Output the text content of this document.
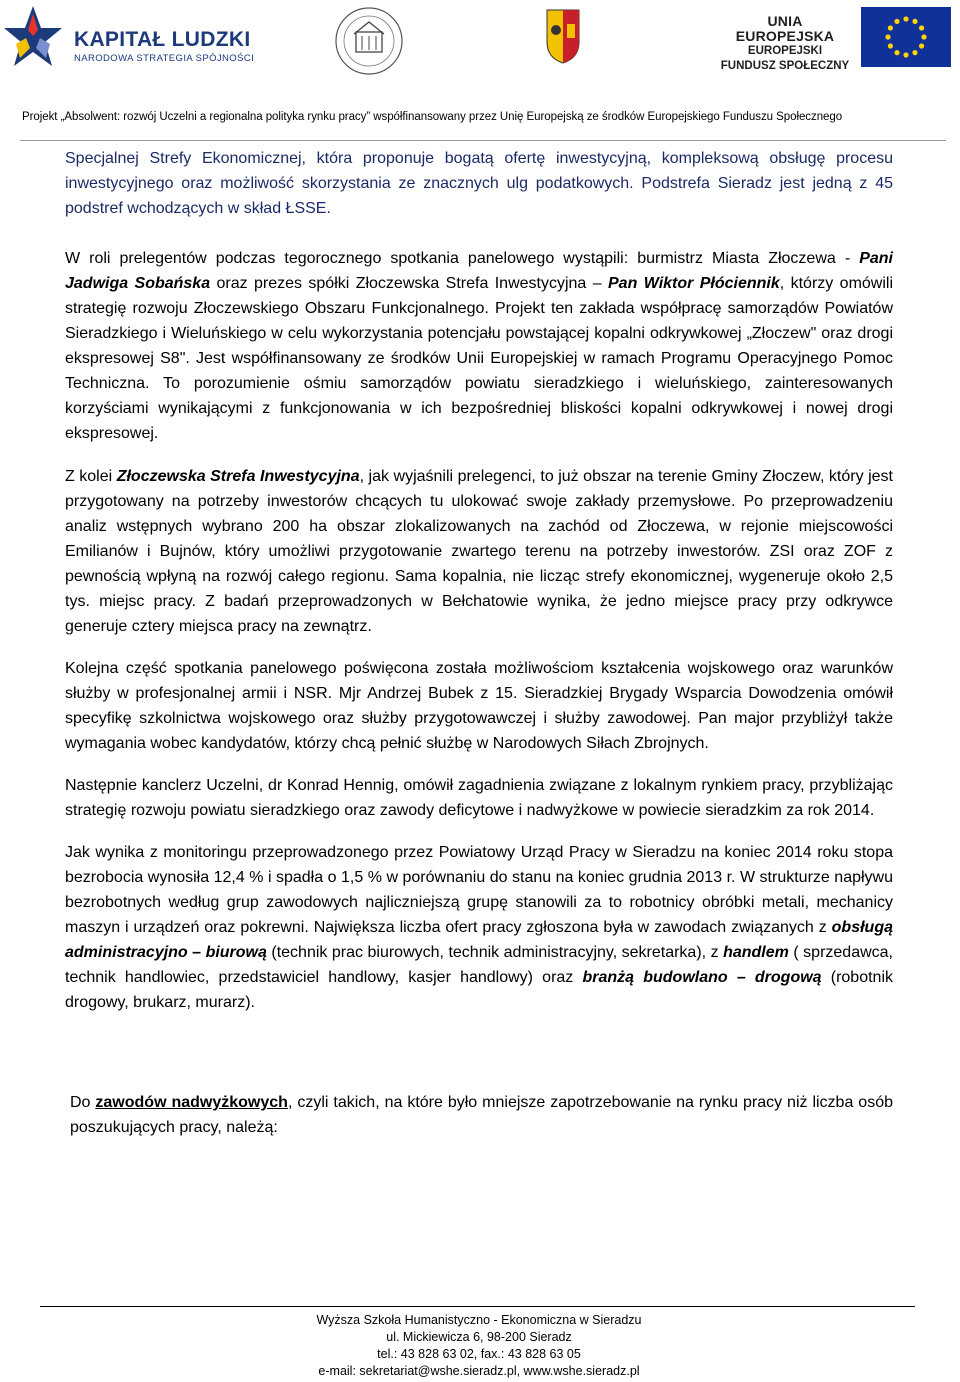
KAPITAŁ LUDZKI
NARODOWA STRATEGIA SPÓJNOŚCI
UNIA EUROPEJSKA
EUROPEJSKI
FUNDUSZ SPOŁECZNY
Projekt „Absolwent: rozwój Uczelni a regionalna polityka rynku pracy” współfinansowany przez Unię Europejską ze środków Europejskiego Funduszu Społecznego

Specjalnej Strefy Ekonomicznej, która proponuje bogatą ofertę inwestycyjną, kompleksową obsługę procesu inwestycyjnego oraz możliwość skorzystania ze znacznych ulg podatkowych. Podstrefa Sieradz jest jedną z 45 podstref wchodzących w skład ŁSSE.

W roli prelegentów podczas tegorocznego spotkania panelowego wystąpili: burmistrz Miasta Złoczewa - Pani Jadwiga Sobańska oraz prezes spółki Złoczewska Strefa Inwestycyjna – Pan Wiktor Płóciennik, którzy omówili strategię rozwoju Złoczewskiego Obszaru Funkcjonalnego. Projekt ten zakłada współpracę samorządów Powiatów Sieradzkiego i Wieluńskiego w celu wykorzystania potencjału powstającej kopalni odkrywkowej „Złoczew" oraz drogi ekspresowej S8". Jest współfinansowany ze środków Unii Europejskiej w ramach Programu Operacyjnego Pomoc Techniczna. To porozumienie ośmiu samorządów powiatu sieradzkiego i wieluńskiego, zainteresowanych korzyściami wynikającymi z funkcjonowania w ich bezpośredniej bliskości kopalni odkrywkowej i nowej drogi ekspresowej.

Z kolei Złoczewska Strefa Inwestycyjna, jak wyjaśnili prelegenci, to już obszar na terenie Gminy Złoczew, który jest przygotowany na potrzeby inwestorów chcących tu ulokować swoje zakłady przemysłowe. Po przeprowadzeniu analiz wstępnych wybrano 200 ha obszar zlokalizowanych na zachód od Złoczewa, w rejonie miejscowości Emilianów i Bujnów, który umożliwi przygotowanie zwartego terenu na potrzeby inwestorów. ZSI oraz ZOF z pewnością wpłyną na rozwój całego regionu. Sama kopalnia, nie licząc strefy ekonomicznej, wygeneruje około 2,5 tys. miejsc pracy. Z badań przeprowadzonych w Bełchatowie wynika, że jedno miejsce pracy przy odkrywce generuje cztery miejsca pracy na zewnątrz.

Kolejna część spotkania panelowego poświęcona została możliwościom kształcenia wojskowego oraz warunków służby w profesjonalnej armii i NSR. Mjr Andrzej Bubek z 15. Sieradzkiej Brygady Wsparcia Dowodzenia omówił specyfikę szkolnictwa wojskowego oraz służby przygotowawczej i służby zawodowej. Pan major przybliżył także wymagania wobec kandydatów, którzy chcą pełnić służbę w Narodowych Siłach Zbrojnych.

Następnie kanclerz Uczelni, dr Konrad Hennig, omówił zagadnienia związane z lokalnym rynkiem pracy, przybliżając strategię rozwoju powiatu sieradzkiego oraz zawody deficytowe i nadwyżkowe w powiecie sieradzkim za rok 2014.

Jak wynika z monitoringu przeprowadzonego przez Powiatowy Urząd Pracy w Sieradzu na koniec 2014 roku stopa bezrobocia wynosiła 12,4 % i spadła o 1,5 % w porównaniu do stanu na koniec grudnia 2013 r. W strukturze napływu bezrobotnych według grup zawodowych najliczniejszą grupę stanowili za to robotnicy obróbki metali, mechanicy maszyn i urządzeń oraz pokrewni. Największa liczba ofert pracy zgłoszona była w zawodach związanych z obsługą administracyjno – biurową (technik prac biurowych, technik administracyjny, sekretarka), z handlem ( sprzedawca, technik handlowiec, przedstawiciel handlowy, kasjer handlowy) oraz branżą budowlano – drogową (robotnik drogowy, brukarz, murarz).

Do zawodów nadwyżkowych, czyli takich, na które było mniejsze zapotrzebowanie na rynku pracy niż liczba osób poszukujących pracy, należą:

Wyższa Szkoła Humanistyczno - Ekonomiczna w Sieradzu
ul. Mickiewicza 6, 98-200 Sieradz
tel.: 43 828 63 02, fax.: 43 828 63 05
e-mail: sekretariat@wshe.sieradz.pl, www.wshe.sieradz.pl
